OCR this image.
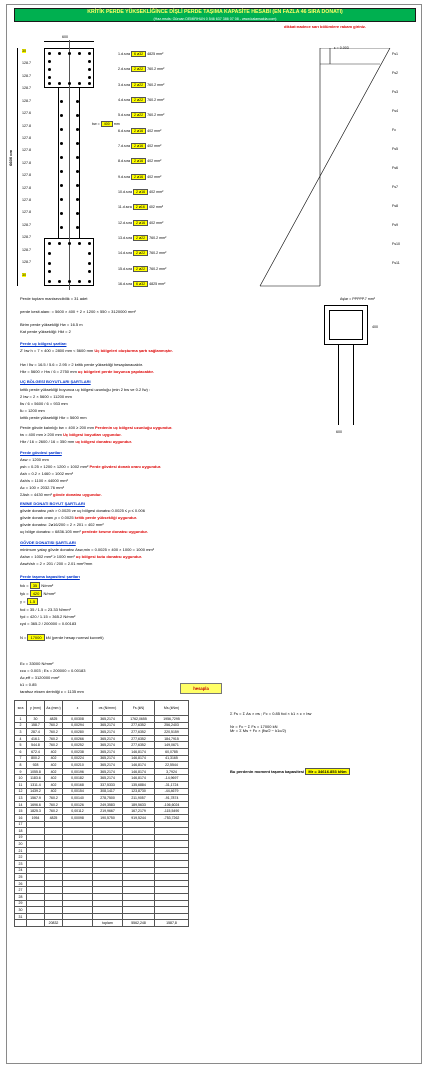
KRİTİK PERDE YÜKSEKLİĞİNCE DİŞLİ PERDE TAŞIMA KAPASİTE HESABI (EN FAZLA 46 SIRA DONATI)
(Haz.msds: Gürcan DEMİRHUN 0 546 637 386 07 08 - www.kalansakla.com)
dikkat:nadece sarı bölümlere rakam giriniz.
600
6600 cm
30
128.7
128.7
128.7
128.7
127.6
127.8
127.8
127.8
127.8
127.8
127.8
127.8
127.8
128.7
128.7
128.7
128.7
30
1.d.sıra 6 ø32 4825 mm²
2.d.sıra 2 ø22 760.2 mm²
3.d.sıra 2 ø22 760.2 mm²
4.d.sıra 2 ø22 760.2 mm²
5.d.sıra 2 ø22 760.2 mm²
6.d.sıra 2 ø16 402 mm²
7.d.sıra 2 ø16 402 mm²
8.d.sıra 2 ø16 402 mm²
9.d.sıra 2 ø16 402 mm²
10.d.sıra 2 ø16 402 mm²
11.d.sıra 2 ø16 402 mm²
12.d.sıra 2 ø16 402 mm²
13.d.sıra 2 ø22 760.2 mm²
14.d.sıra 2 ø22 760.2 mm²
15.d.sıra 2 ø22 760.2 mm²
16.d.sıra 6 ø32 4825 mm²
bw = 400 mm
ε = 0.003
Fs1
Fs2
Fs3
Fs4
Fc
Fs5
Fs6
Fs7
Fs8
Fs9
Fs10
Fs11
Aşlar = PPPPP.7 mm²
600
400
Perde toplam manisevcibilik = 31 adet
perde kesit alanı: = 5600 × 400 + 2 × 1200 × 550 = 3120000 mm²
Birim perde yüksekliği Hw = 16.5 m
Kat perde yüksekliği: Hkt = 2
Perde uç bölgesi şartları
Z' bw h = 7 × 400 = 2800 mm < 5600 mm Uç bölgeleri oluşturma şartı sağlanmıştır.
Hw / ℓw = 16.5 / 5.6 = 2.95 > 2 kritik perde yüksekliği hesaplanacaktır.
Hkr = 5600 > Hw / 6 = 2750 mm uç bölgeleri perde boyunca yapılacaktır.
UÇ BÖLGESİ BOYUTLARI ŞARTLARI
kritik perde yüksekliği boyunca uç bölgesi uzunluğu (min 2 bw ve 0.2 ℓw) :
2 bw = 2 × 5600 = 11200 mm
ℓw / 6 = 5600 / 6 = 933 mm
ℓu = 1200 mm
kritik perde yüksekliği Hkr = 5600 mm
Perde gövde kalınlığı bw = 400 ≥ 200 mm Perdenin uç bölgesi uzunluğu uygundur.
tw = 400 mm ≥ 200 mm Uç bölgesi boyutları uygundur.
Hkr / 16 = 2600 / 16 = 350 mm uç bölgesi donatısı uygundur.
Perde gövdesi şartları
Asw = 1200 mm
ρsh = 0.25 × 1200 × 1200 = 1002 mm² Perde gövdesi donatı oranı uygundur.
Ash = 0.2 × 1460 = 1002 mm²
Ash/s = 1100 × 44000 mm²
Ac = 100 × 2032.76 mm²
ΣAsh = 4430 mm² gövde donatısı uygundur.
ENİNE DONATI BOYUT ŞARTLARI
gövde donatısı ρsh > 0.0025 ve uç bölgesi donatısı 0.0025 ≤ ρ ≤ 0.006
gövde donatı oranı ρ = 0.0025 kritik perde yüksekliği uygundur.
gövde donatısı: 2ø16/200 = 2 × 201 = 402 mm²
uç bölge donatısı = 6836.105 mm² perdede kesme donatısı uygundur.
GÖVDE DONATISI ŞARTLARI
minimum yatay gövde donatısı Asw,min = 0.0025 × 400 × 1000 = 1000 mm²
Ashw = 1002 mm² ≥ 1000 mm² uç bölgesi kutu donatısı uygundur.
Aswh/sh = 2 × 201 / 200 = 2.01 mm²/mm
Perde taşıma kapasitesi şartları
fck = 35 N/mm²
fyk = 420 N/mm²
γ = 1.5
fcd = 35 / 1.5 = 23.33 N/mm²
fyd = 420 / 1.15 = 365.2 N/mm²
εyd = 365.2 / 200000 = 0.00183
N = 17000 kN (perde hesap normal kuvveti)
Ec = 33000 N/mm²
εcu = 0.003 ; Es = 200000 = 0.00183
Ac,eff = 3120000 mm²
k1 = 0.85
tarafsız eksen derinliği c = 1135 mm
hesapla
sıra	y (mm)	As (mm²)	ε	σs (N/mm²)	Fs (kN)	Ms (kNm)
1	30	4825	0,00308	365,2174	1762,0655	1956,7295
2	158.7	760.2	0,00294	365,2174	277,6352	256,2403
3	287.4	760.2	0,00280	365,2174	277,6352	220,5159
4	416.1	760.2	0,00266	365,2174	277,6352	184,7915
5	544.8	760.2	0,00252	365,2174	277,6352	149,0671
6	672.4	402	0,00238	365,2174	146,8174	60,0785
7	800.2	402	0,00224	365,2174	146,8174	41,3165
8	928	402	0,00210	365,2174	146,8174	22,5544
9	1055.8	402	0,00196	365,2174	146,8174	3,7924
10	1183.6	402	0,00182	365,2174	146,8174	-14,9697
11	1311.4	402	0,00168	337,5333	135,6884	-31,1724
12	1439.2	402	0,00154	308,1417	123,8730	-44,4679
13	1567.9	760.2	0,00140	278,7500	211,9057	-91,7874
14	1696.6	760.2	0,00126	249,3583	189,5633	-106,6024
15	1825.3	760.2	0,00112	219,9667	167,2179	-115,5490
16	1954	4825	0,00098	190,5750	919,5244	-753,7262
17						
18						
19						
20						
21						
22						
23						
24						
25						
26						
27						
28						
29						
30						
31						
		20832		toplam	5562,248	1587,8
Σ Fs = Σ As × σs ; Fc = 0.85 fcd × k1 × c × bw
Nr = Fc − Σ Fs = 17000 kN
Mr = Σ Ms + Fc × (ℓw/2 − k1c/2)
Bu perdenin moment taşıma kapasitesi Mr = 34616.853 kNm
